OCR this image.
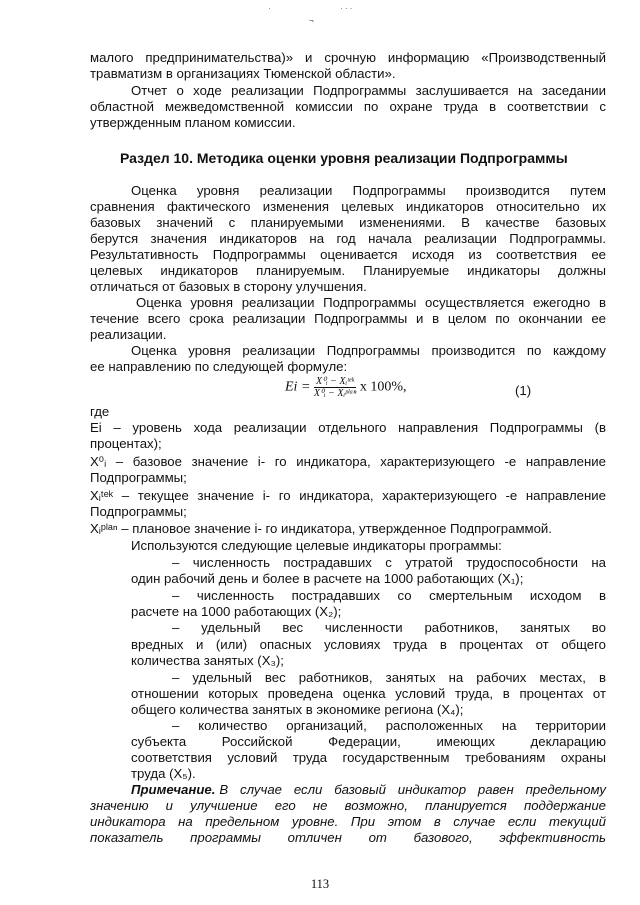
·	· · ·
¬
малого предпринимательства)» и срочную информацию «Производственный
травматизм в организациях Тюменской области».
Отчет о ходе реализации Подпрограммы заслушивается на заседании
областной межведомственной комиссии по охране труда в соответствии с
утвержденным планом комиссии.
Раздел 10. Методика оценки уровня реализации Подпрограммы
Оценка уровня реализации Подпрограммы производится путем
сравнения фактического изменения целевых индикаторов относительно их
базовых значений с планируемыми изменениями. В качестве базовых
берутся значения индикаторов на год начала реализации Подпрограммы.
Результативность Подпрограммы оценивается исходя из соответствия ее
целевых индикаторов планируемым. Планируемые индикаторы должны
отличаться от базовых в сторону улучшения.
Оценка уровня реализации Подпрограммы осуществляется ежегодно в
течение всего срока реализации Подпрограммы и в целом по окончании ее
реализации.
Оценка уровня реализации Подпрограммы производится по каждому
ее направлению по следующей формуле:
$Ei = \frac{\text{X⁰ᵢ − Xᵢᵗᵉᵏ}}{\text{X⁰ᵢ − Xᵢᵖˡᵃⁿ}}$ x 100%,	(1)
где
Ei – уровень хода реализации отдельного направления Подпрограммы (в
процентах);
X⁰ᵢ – базовое значение i- го индикатора, характеризующего -е направление
Подпрограммы;
Xᵢᵗᵉᵏ – текущее значение i- го индикатора, характеризующего -е направление
Подпрограммы;
Xᵢᵖˡᵃⁿ – плановое значение i- го индикатора, утвержденное Подпрограммой.
Используются следующие целевые индикаторы программы:
– численность пострадавших с утратой трудоспособности на
один рабочий день и более в расчете на 1000 работающих (X₁);
– численность пострадавших со смертельным исходом в
расчете на 1000 работающих (X₂);
– удельный вес численности работников, занятых во
вредных и (или) опасных условиях труда в процентах от общего
количества занятых (X₃);
– удельный вес работников, занятых на рабочих местах, в
отношении которых проведена оценка условий труда, в процентах от
общего количества занятых в экономике региона (X₄);
– количество организаций, расположенных на территории
субъекта Российской Федерации, имеющих декларацию
соответствия условий труда государственным требованиям охраны
труда (X₅).
Примечание. В случае если базовый индикатор равен предельному
значению и улучшение его не возможно, планируется поддержание
индикатора на предельном уровне. При этом в случае если текущий
показатель программы отличен от базового, эффективность
113
